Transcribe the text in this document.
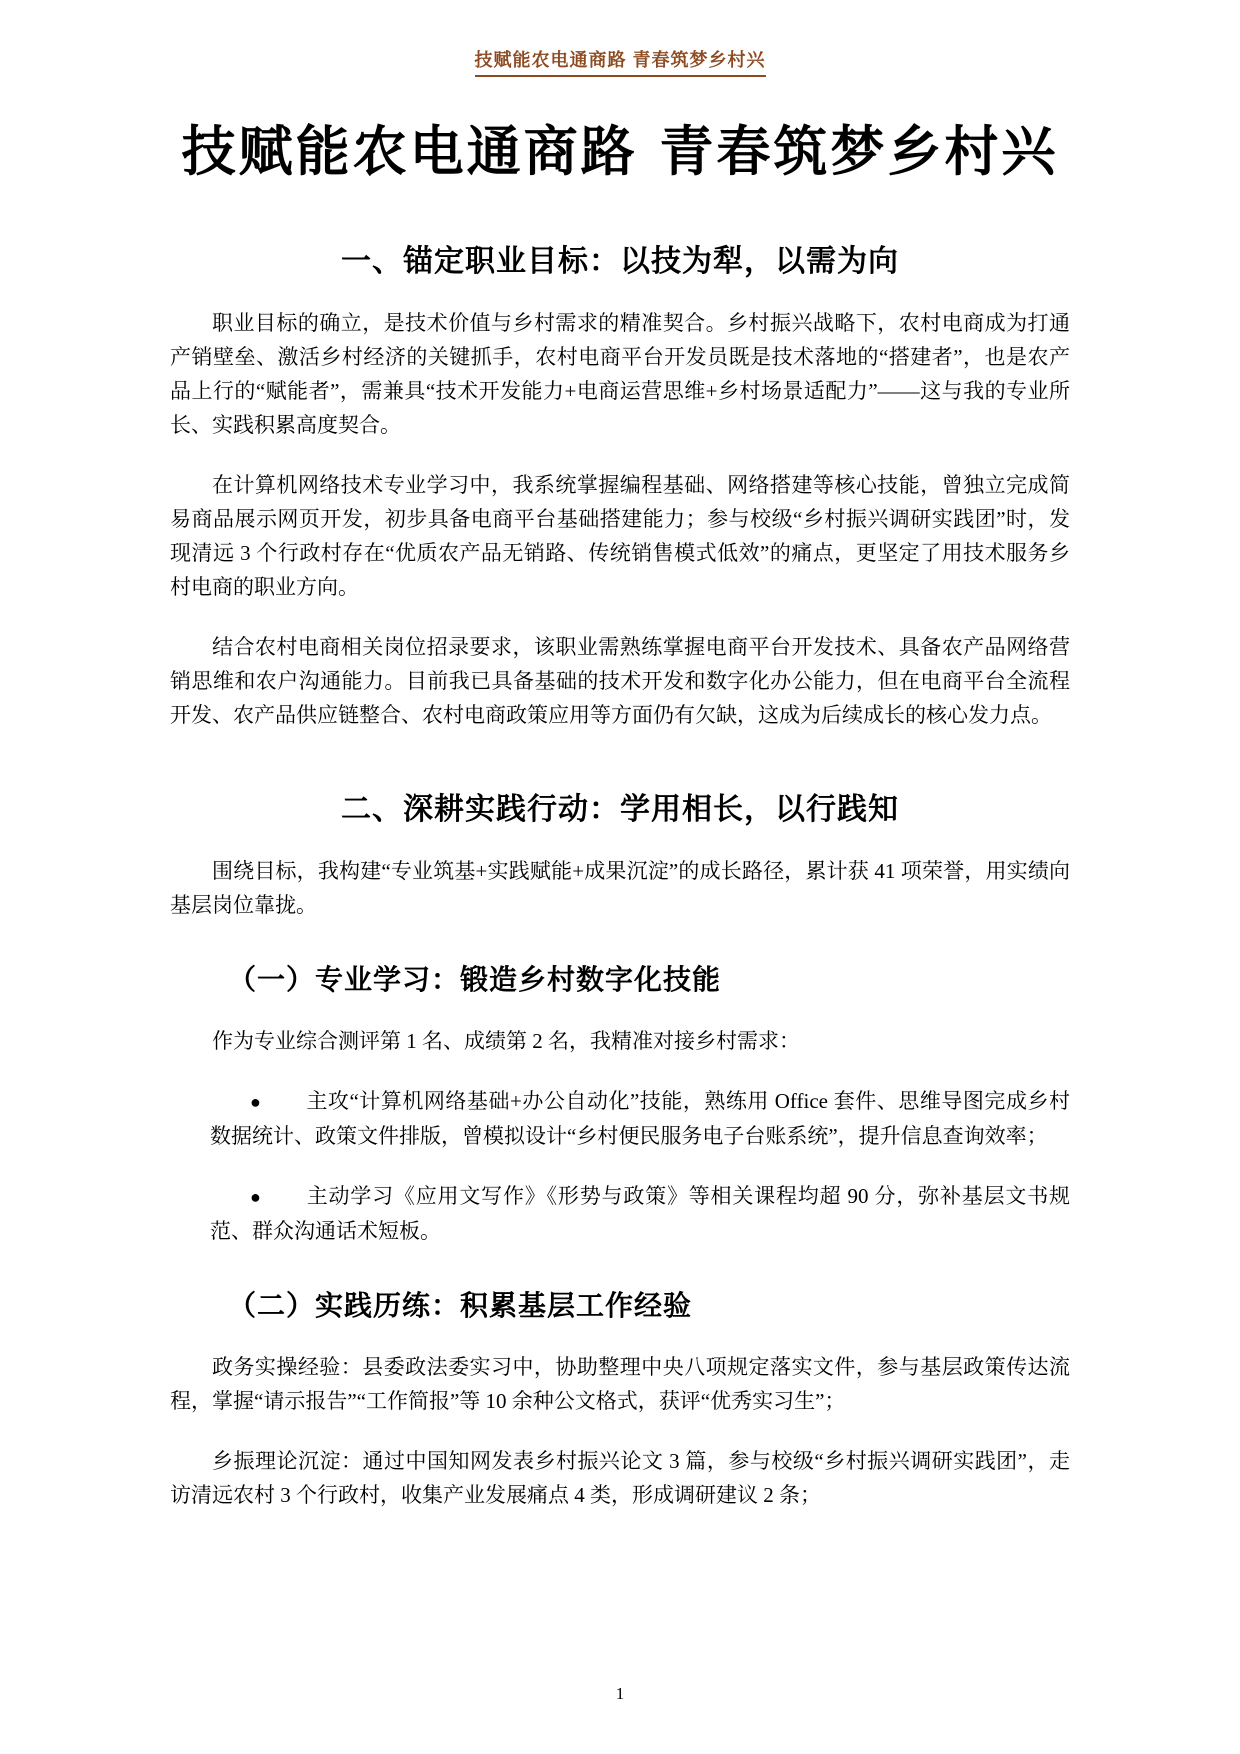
技赋能农电通商路 青春筑梦乡村兴
技赋能农电通商路 青春筑梦乡村兴
一、锚定职业目标：以技为犁，以需为向

职业目标的确立，是技术价值与乡村需求的精准契合。乡村振兴战略下，农村电商成为打通产销壁垒、激活乡村经济的关键抓手，农村电商平台开发员既是技术落地的“搭建者”，也是农产品上行的“赋能者”，需兼具“技术开发能力+电商运营思维+乡村场景适配力”——这与我的专业所长、实践积累高度契合。

在计算机网络技术专业学习中，我系统掌握编程基础、网络搭建等核心技能，曾独立完成简易商品展示网页开发，初步具备电商平台基础搭建能力；参与校级“乡村振兴调研实践团”时，发现清远 3 个行政村存在“优质农产品无销路、传统销售模式低效”的痛点，更坚定了用技术服务乡村电商的职业方向。

结合农村电商相关岗位招录要求，该职业需熟练掌握电商平台开发技术、具备农产品网络营销思维和农户沟通能力。目前我已具备基础的技术开发和数字化办公能力，但在电商平台全流程开发、农产品供应链整合、农村电商政策应用等方面仍有欠缺，这成为后续成长的核心发力点。

二、深耕实践行动：学用相长，以行践知

围绕目标，我构建“专业筑基+实践赋能+成果沉淀”的成长路径，累计获 41 项荣誉，用实绩向基层岗位靠拢。

（一）专业学习：锻造乡村数字化技能

作为专业综合测评第 1 名、成绩第 2 名，我精准对接乡村需求：

● 主攻“计算机网络基础+办公自动化”技能，熟练用 Office 套件、思维导图完成乡村数据统计、政策文件排版，曾模拟设计“乡村便民服务电子台账系统”，提升信息查询效率；
● 主动学习《应用文写作》《形势与政策》等相关课程均超 90 分，弥补基层文书规范、群众沟通话术短板。
（二）实践历练：积累基层工作经验

政务实操经验：县委政法委实习中，协助整理中央八项规定落实文件，参与基层政策传达流程，掌握“请示报告”“工作简报”等 10 余种公文格式，获评“优秀实习生”；

乡振理论沉淀：通过中国知网发表乡村振兴论文 3 篇，参与校级“乡村振兴调研实践团”，走访清远农村 3 个行政村，收集产业发展痛点 4 类，形成调研建议 2 条；

1
